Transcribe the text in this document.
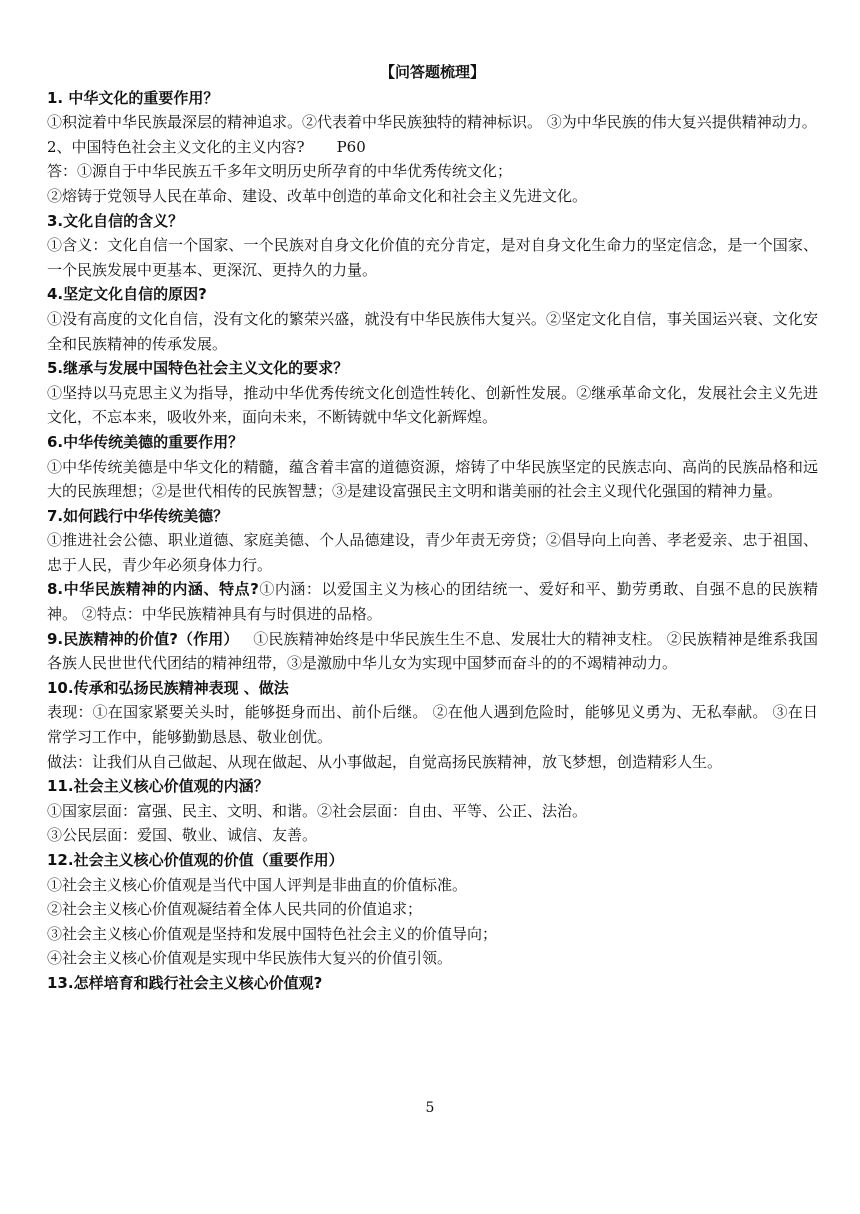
【问答题梳理】

1. 中华文化的重要作用？

①积淀着中华民族最深层的精神追求。②代表着中华民族独特的精神标识。 ③为中华民族的伟大复兴提供精神动力。

2、中国特色社会主义文化的主义内容? P60

答：①源自于中华民族五千多年文明历史所孕育的中华优秀传统文化；

②熔铸于党领导人民在革命、建设、改革中创造的革命文化和社会主义先进文化。

3.文化自信的含义？

①含义：文化自信一个国家、一个民族对自身文化价值的充分肯定，是对自身文化生命力的坚定信念，是一个国家、一个民族发展中更基本、更深沉、更持久的力量。

4.坚定文化自信的原因?

①没有高度的文化自信，没有文化的繁荣兴盛，就没有中华民族伟大复兴。②坚定文化自信，事关国运兴衰、文化安全和民族精神的传承发展。

5.继承与发展中国特色社会主义文化的要求？

①坚持以马克思主义为指导，推动中华优秀传统文化创造性转化、创新性发展。②继承革命文化，发展社会主义先进文化，不忘本来，吸收外来，面向未来，不断铸就中华文化新辉煌。

6.中华传统美德的重要作用？

①中华传统美德是中华文化的精髓，蕴含着丰富的道德资源，熔铸了中华民族坚定的民族志向、高尚的民族品格和远大的民族理想；②是世代相传的民族智慧；③是建设富强民主文明和谐美丽的社会主义现代化强国的精神力量。

7.如何践行中华传统美德？

①推进社会公德、职业道德、家庭美德、个人品德建设，青少年责无旁贷；②倡导向上向善、孝老爱亲、忠于祖国、忠于人民，青少年必须身体力行。

8.中华民族精神的内涵、特点?①内涵：以爱国主义为核心的团结统一、爱好和平、勤劳勇敢、自强不息的民族精神。 ②特点：中华民族精神具有与时俱进的品格。

9.民族精神的价值?（作用）   ①民族精神始终是中华民族生生不息、发展壮大的精神支柱。 ②民族精神是维系我国各族人民世世代代团结的精神纽带，③是激励中华儿女为实现中国梦而奋斗的的不竭精神动力。

10.传承和弘扬民族精神表现 、做法

表现：①在国家紧要关头时，能够挺身而出、前仆后继。 ②在他人遇到危险时，能够见义勇为、无私奉献。 ③在日常学习工作中，能够勤勤恳恳、敬业创优。

做法：让我们从自己做起、从现在做起、从小事做起，自觉高扬民族精神，放飞梦想，创造精彩人生。

11.社会主义核心价值观的内涵？

①国家层面：富强、民主、文明、和谐。②社会层面：自由、平等、公正、法治。

③公民层面：爱国、敬业、诚信、友善。

12.社会主义核心价值观的价值（重要作用）

①社会主义核心价值观是当代中国人评判是非曲直的价值标准。

②社会主义核心价值观凝结着全体人民共同的价值追求；

③社会主义核心价值观是坚持和发展中国特色社会主义的价值导向；

④社会主义核心价值观是实现中华民族伟大复兴的价值引领。

13.怎样培育和践行社会主义核心价值观?

5
